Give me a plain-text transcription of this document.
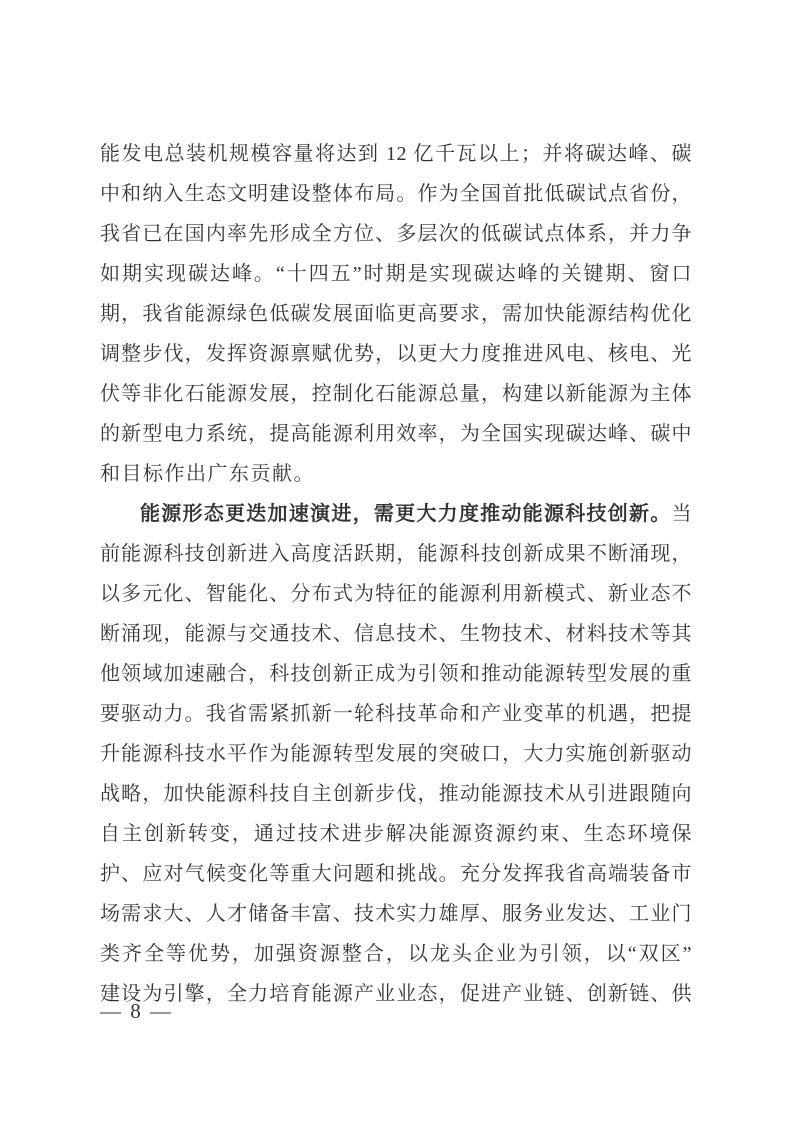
能发电总装机规模容量将达到 12 亿千瓦以上；并将碳达峰、碳
中和纳入生态文明建设整体布局。作为全国首批低碳试点省份，
我省已在国内率先形成全方位、多层次的低碳试点体系，并力争
如期实现碳达峰。“十四五”时期是实现碳达峰的关键期、窗口
期，我省能源绿色低碳发展面临更高要求，需加快能源结构优化
调整步伐，发挥资源禀赋优势，以更大力度推进风电、核电、光
伏等非化石能源发展，控制化石能源总量，构建以新能源为主体
的新型电力系统，提高能源利用效率，为全国实现碳达峰、碳中
和目标作出广东贡献。
能源形态更迭加速演进，需更大力度推动能源科技创新。当
前能源科技创新进入高度活跃期，能源科技创新成果不断涌现，
以多元化、智能化、分布式为特征的能源利用新模式、新业态不
断涌现，能源与交通技术、信息技术、生物技术、材料技术等其
他领域加速融合，科技创新正成为引领和推动能源转型发展的重
要驱动力。我省需紧抓新一轮科技革命和产业变革的机遇，把提
升能源科技水平作为能源转型发展的突破口，大力实施创新驱动
战略，加快能源科技自主创新步伐，推动能源技术从引进跟随向
自主创新转变，通过技术进步解决能源资源约束、生态环境保
护、应对气候变化等重大问题和挑战。充分发挥我省高端装备市
场需求大、人才储备丰富、技术实力雄厚、服务业发达、工业门
类齐全等优势，加强资源整合，以龙头企业为引领，以“双区”
建设为引擎，全力培育能源产业业态，促进产业链、创新链、供
— 8 —
